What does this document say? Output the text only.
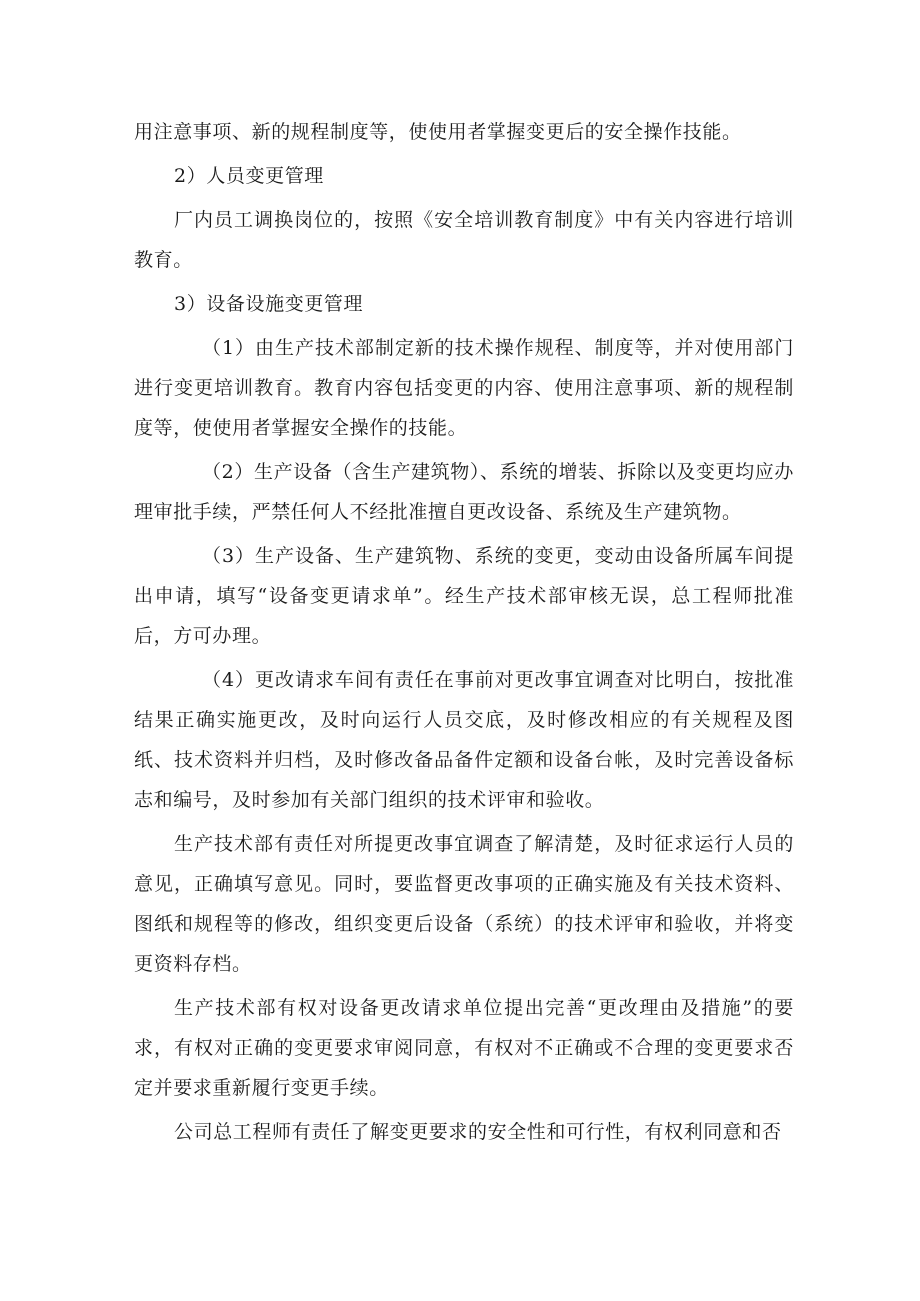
用注意事项、新的规程制度等，使使用者掌握变更后的安全操作技能。

2）人员变更管理

厂内员工调换岗位的，按照《安全培训教育制度》中有关内容进行培训教育。

3）设备设施变更管理

（1）由生产技术部制定新的技术操作规程、制度等，并对使用部门进行变更培训教育。教育内容包括变更的内容、使用注意事项、新的规程制度等，使使用者掌握安全操作的技能。

（2）生产设备（含生产建筑物）、系统的增装、拆除以及变更均应办理审批手续，严禁任何人不经批准擅自更改设备、系统及生产建筑物。

（3）生产设备、生产建筑物、系统的变更，变动由设备所属车间提出申请，填写“设备变更请求单”。经生产技术部审核无误，总工程师批准后，方可办理。

（4）更改请求车间有责任在事前对更改事宜调查对比明白，按批准结果正确实施更改，及时向运行人员交底，及时修改相应的有关规程及图纸、技术资料并归档，及时修改备品备件定额和设备台帐，及时完善设备标志和编号，及时参加有关部门组织的技术评审和验收。

生产技术部有责任对所提更改事宜调查了解清楚，及时征求运行人员的意见，正确填写意见。同时，要监督更改事项的正确实施及有关技术资料、图纸和规程等的修改，组织变更后设备（系统）的技术评审和验收，并将变更资料存档。

生产技术部有权对设备更改请求单位提出完善“更改理由及措施”的要求，有权对正确的变更要求审阅同意，有权对不正确或不合理的变更要求否定并要求重新履行变更手续。

公司总工程师有责任了解变更要求的安全性和可行性，有权利同意和否
